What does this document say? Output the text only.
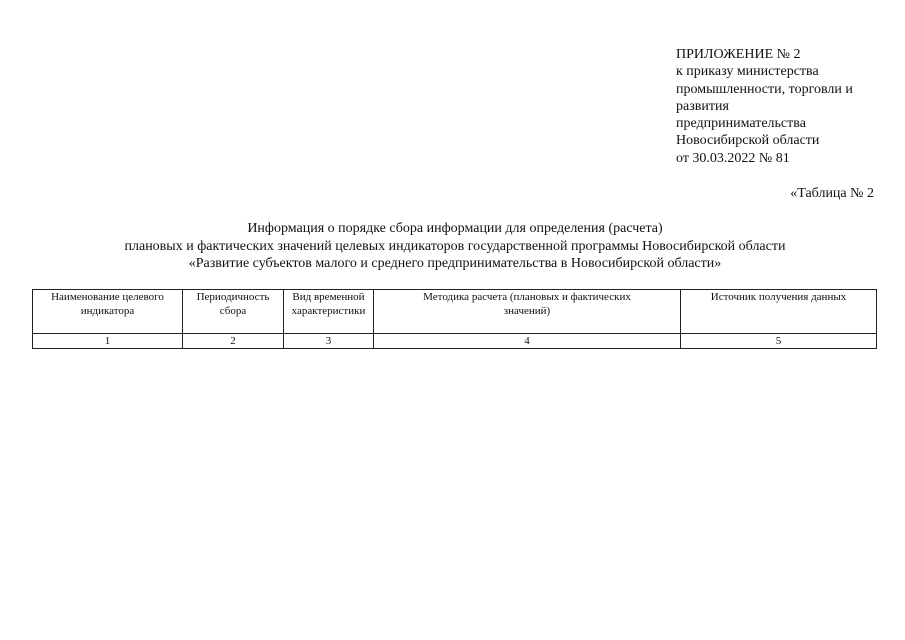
ПРИЛОЖЕНИЕ № 2
к приказу министерства
промышленности, торговли и
развития
предпринимательства
Новосибирской области
от 30.03.2022 № 81
«Таблица № 2
Информация о порядке сбора информации для определения (расчета)
плановых и фактических значений целевых индикаторов государственной программы Новосибирской области
«Развитие субъектов малого и среднего предпринимательства в Новосибирской области»
Наименование целевого индикатора	Периодичность сбора	Вид временной характеристики	Методика расчета (плановых и фактических значений)	Источник получения данных
1	2	3	4	5
